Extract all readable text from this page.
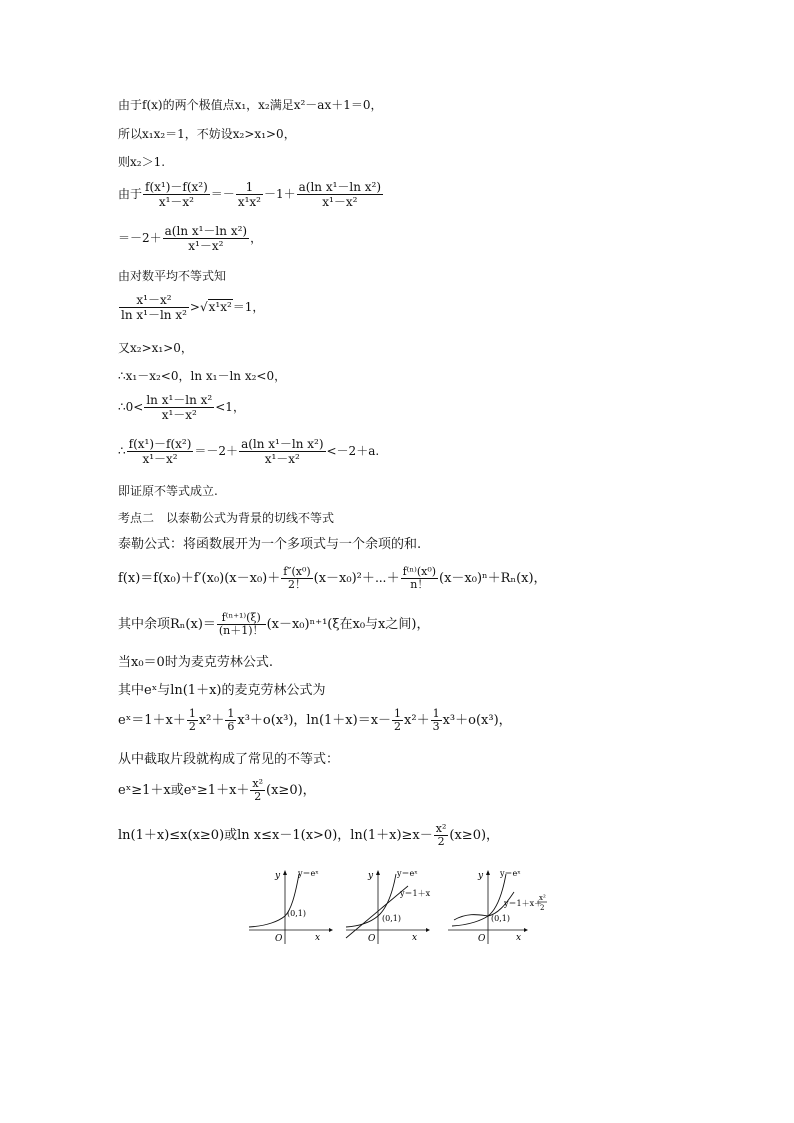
由于f(x)的两个极值点x₁，x₂满足x²－ax＋1＝0，
所以x₁x₂＝1，不妨设x₂>x₁>0，
则x₂＞1.
由于 $\frac{\text{f(x¹)－f(x²)}}{\text{x¹－x²}} =- \frac{1}{\text{x¹x²}} -1+ \frac{\text{a(ln x¹－ln x²)}}{\text{x¹－x²}}$
$=-2+ \frac{\text{a(ln x¹－ln x²)}}{\text{x¹－x²}}$ ，
由对数平均不等式知
$\frac{\text{x¹－x²}}{\text{ln x¹－ln x²}} >√x^1x^2=1$，
又x₂>x₁>0，
∴x₁－x₂<0，ln x₁－ln x₂<0，
∴0< $\frac{\text{ln x¹－ln x²}}{\text{x¹－x²}} <1$，
∴ $\frac{\text{f(x¹)－f(x²)}}{\text{x¹－x²}} =-2+ \frac{\text{a(ln x¹－ln x²)}}{\text{x¹－x²}} <-2+a$.
即证原不等式成立.
考点二　以泰勒公式为背景的切线不等式
泰勒公式：将函数展开为一个多项式与一个余项的和.
$f(x)=f(x_0)+f'(x_0)(x-x_0)+ \frac{\text{f″(x⁰)}}{2!}$ (x－x₀)²＋⋯＋ $\frac{\text{f⁽ⁿ⁾(x⁰)}}{n!} (x-x_0)^n+R_n(x)$，
其中余项$R_n(x)= \frac{\text{f⁽ⁿ⁺¹⁾(ξ)}}{(n+1)!} (x-x_0)^{n+1}(\xi$在x₀与x之间)，
当x₀＝0时为麦克劳林公式.
其中eˣ与ln(1＋x)的麦克劳林公式为
eˣ＝1＋x＋ $\frac{1}{2} x^2+ \frac{1}{6} x^3+o(x^3)$，$\ln(1+x)=x- \frac{1}{2} x^2+ \frac{1}{3} x^3+o(x^3)$，
从中截取片段就构成了常见的不等式：
eˣ≥1＋x或eˣ≥1＋x＋ $\frac{\text{x²}}{2} (x\ge 0)$，
ln(1＋x)≤x(x≥0)或ln x≤x－1(x>0)，$\ln(1+x)\ge x- \frac{\text{x²}}{2} (x\ge 0)$，
y y＝eˣ
(0,1)
O	x
y	y＝eˣ
y＝1＋x
(0,1)
O	x
y y＝eˣ
y＝1＋x＋
x²
2
(0,1)
O	x
